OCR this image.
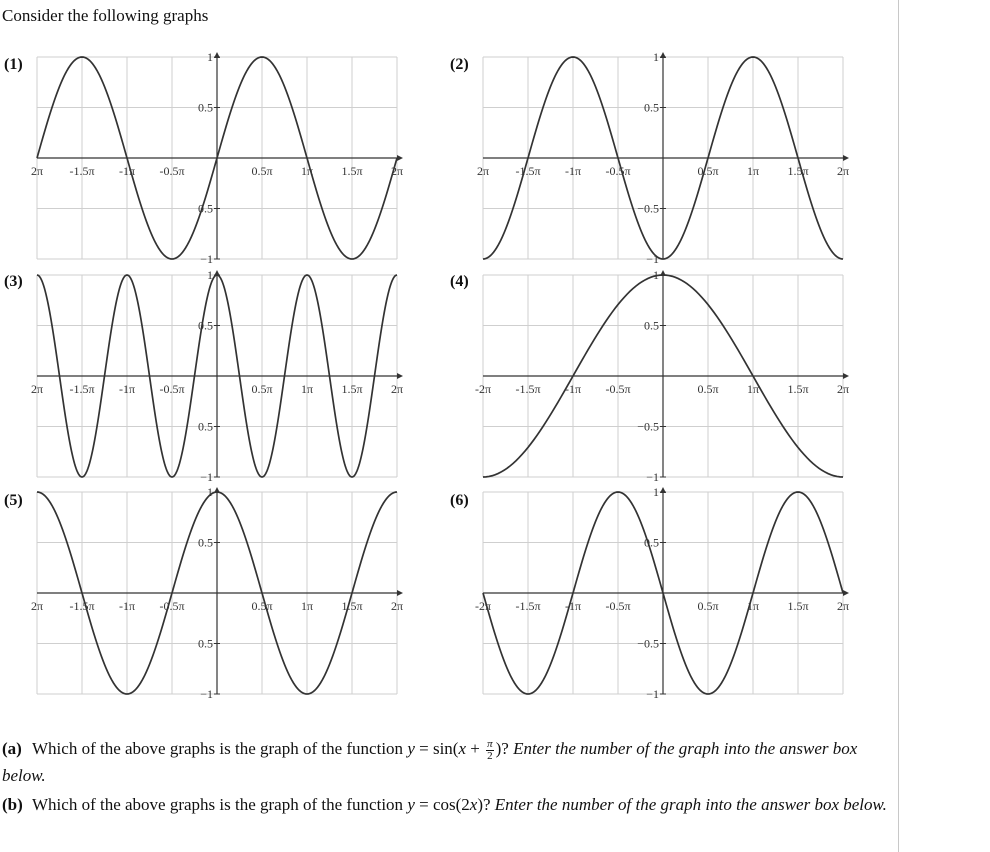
Consider the following graphs
(1)	(2)
(3)	(4)
(5)	(6)
2π -1.5π -1π -0.5π	0.5π 1π 1.5π 2π
1
0.5
0.5
−1
2π -1.5π -1π -0.5π	0.5π 1π 1.5π 2π
1
0.5
−0.5
−1
2π -1.5π -1π -0.5π	0.5π 1π 1.5π 2π
1
0.5
0.5
−1
-2π -1.5π -1π -0.5π	0.5π 1π 1.5π 2π
1
0.5
−0.5
−1
2π -1.5π -1π -0.5π	0.5π 1π 1.5π 2π
1
0.5
0.5
−1
-2π -1.5π -1π -0.5π	0.5π 1π 1.5π 2π
1
0.5
−0.5
−1
(a) Which of the above graphs is the graph of the function $y = \sin(x + \frac{\pi}{2}$ )? Enter the number of the graph into the answer box below.
(b) Which of the above graphs is the graph of the function y = cos(2x)? Enter the number of the graph into the answer box below.
